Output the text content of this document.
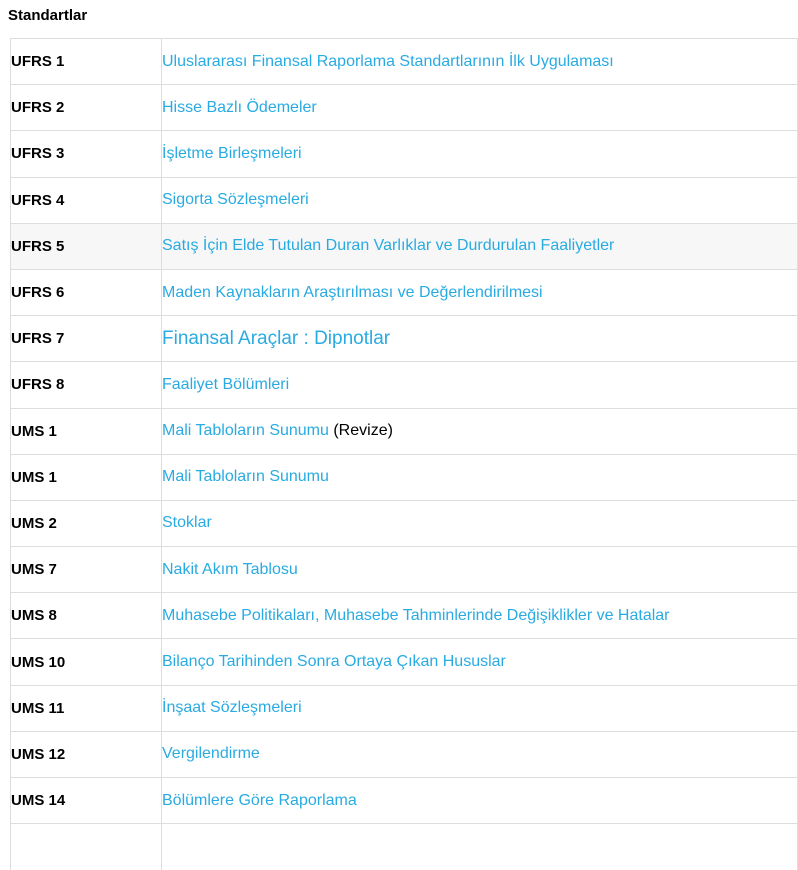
Standartlar
UFRS 1	Uluslararası Finansal Raporlama Standartlarının İlk Uygulaması
UFRS 2	Hisse Bazlı Ödemeler
UFRS 3	İşletme Birleşmeleri
UFRS 4	Sigorta Sözleşmeleri
UFRS 5	Satış İçin Elde Tutulan Duran Varlıklar ve Durdurulan Faaliyetler
UFRS 6	Maden Kaynakların Araştırılması ve Değerlendirilmesi
UFRS 7	Finansal Araçlar : Dipnotlar
UFRS 8	Faaliyet Bölümleri
UMS 1	Mali Tabloların Sunumu (Revize)
UMS 1	Mali Tabloların Sunumu
UMS 2	Stoklar
UMS 7	Nakit Akım Tablosu
UMS 8	Muhasebe Politikaları, Muhasebe Tahminlerinde Değişiklikler ve Hatalar
UMS 10	Bilanço Tarihinden Sonra Ortaya Çıkan Hususlar
UMS 11	İnşaat Sözleşmeleri
UMS 12	Vergilendirme
UMS 14	Bölümlere Göre Raporlama
